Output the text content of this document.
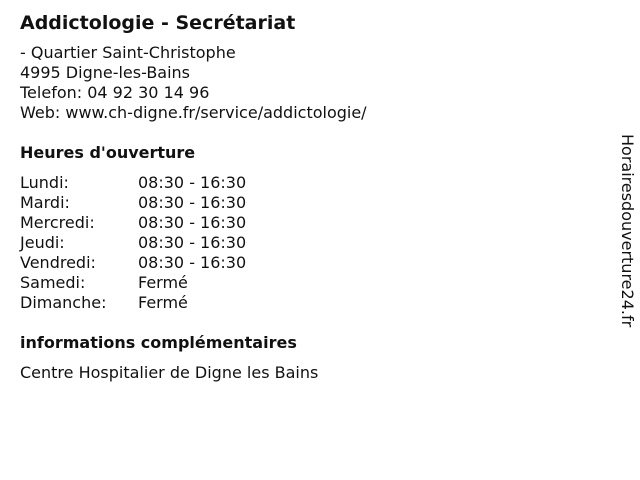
Addictologie - Secrétariat
- Quartier Saint-Christophe
4995 Digne-les-Bains
Telefon: 04 92 30 14 96
Web: www.ch-digne.fr/service/addictologie/
Heures d'ouverture
Lundi:	08:30 - 16:30
Mardi:	08:30 - 16:30
Mercredi:	08:30 - 16:30
Jeudi:	08:30 - 16:30
Vendredi:	08:30 - 16:30
Samedi:	Fermé
Dimanche:	Fermé
informations complémentaires
Centre Hospitalier de Digne les Bains
Horairesdouverture24.fr
